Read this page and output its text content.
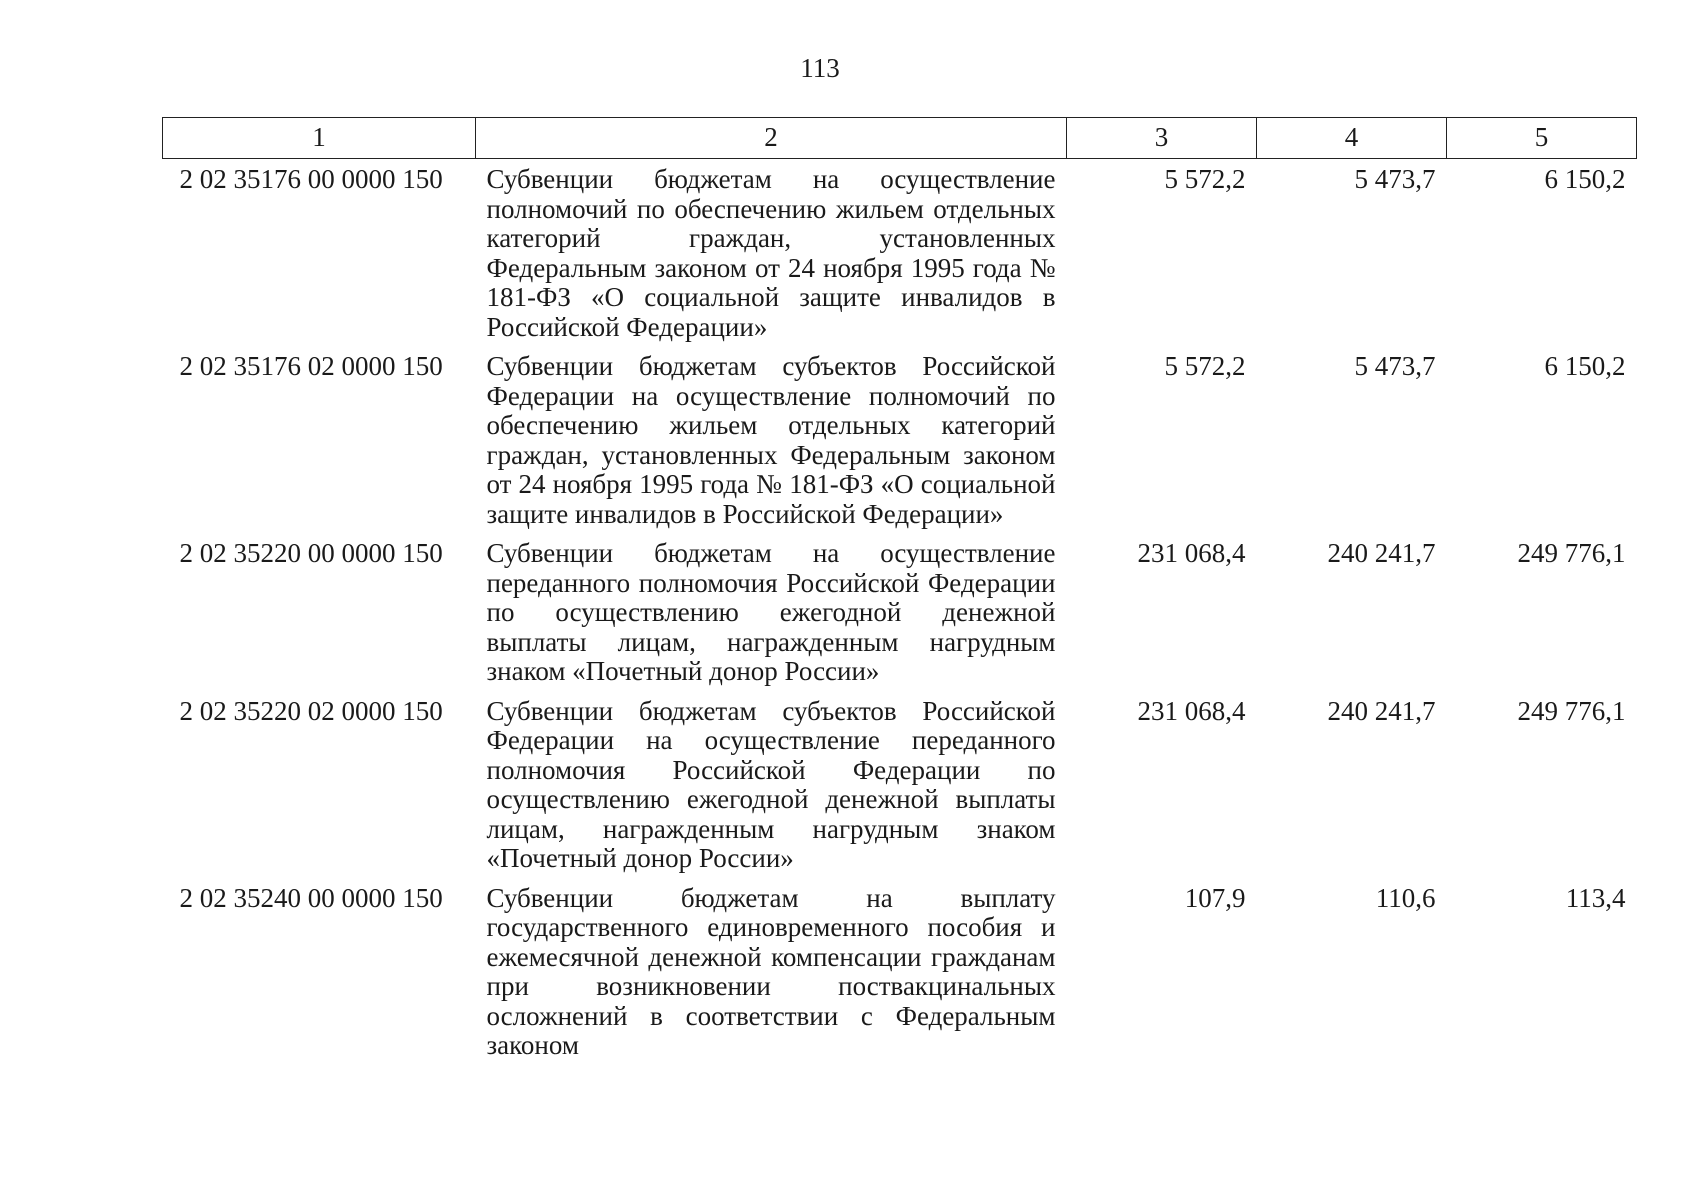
113
1	2	3	4	5
2 02 35176 00 0000 150	Субвенции бюджетам на осуществление полномочий по обеспечению жильем отдельных категорий граждан, установленных Федеральным законом от 24 ноября 1995 года № 181-ФЗ «О социальной защите инвалидов в Российской Федерации»	5 572,2	5 473,7	6 150,2
2 02 35176 02 0000 150	Субвенции бюджетам субъектов Российской Федерации на осуществление полномочий по обеспечению жильем отдельных категорий граждан, установленных Федеральным законом от 24 ноября 1995 года № 181-ФЗ «О социальной защите инвалидов в Российской Федерации»	5 572,2	5 473,7	6 150,2
2 02 35220 00 0000 150	Субвенции бюджетам на осуществление переданного полномочия Российской Федерации по осуществлению ежегодной денежной выплаты лицам, награжденным нагрудным знаком «Почетный донор России»	231 068,4	240 241,7	249 776,1
2 02 35220 02 0000 150	Субвенции бюджетам субъектов Российской Федерации на осуществление переданного полномочия Российской Федерации по осуществлению ежегодной денежной выплаты лицам, награжденным нагрудным знаком «Почетный донор России»	231 068,4	240 241,7	249 776,1
2 02 35240 00 0000 150	Субвенции бюджетам на выплату государственного единовременного пособия и ежемесячной денежной компенсации гражданам при возникновении поствакцинальных осложнений в соответствии с Федеральным законом	107,9	110,6	113,4
